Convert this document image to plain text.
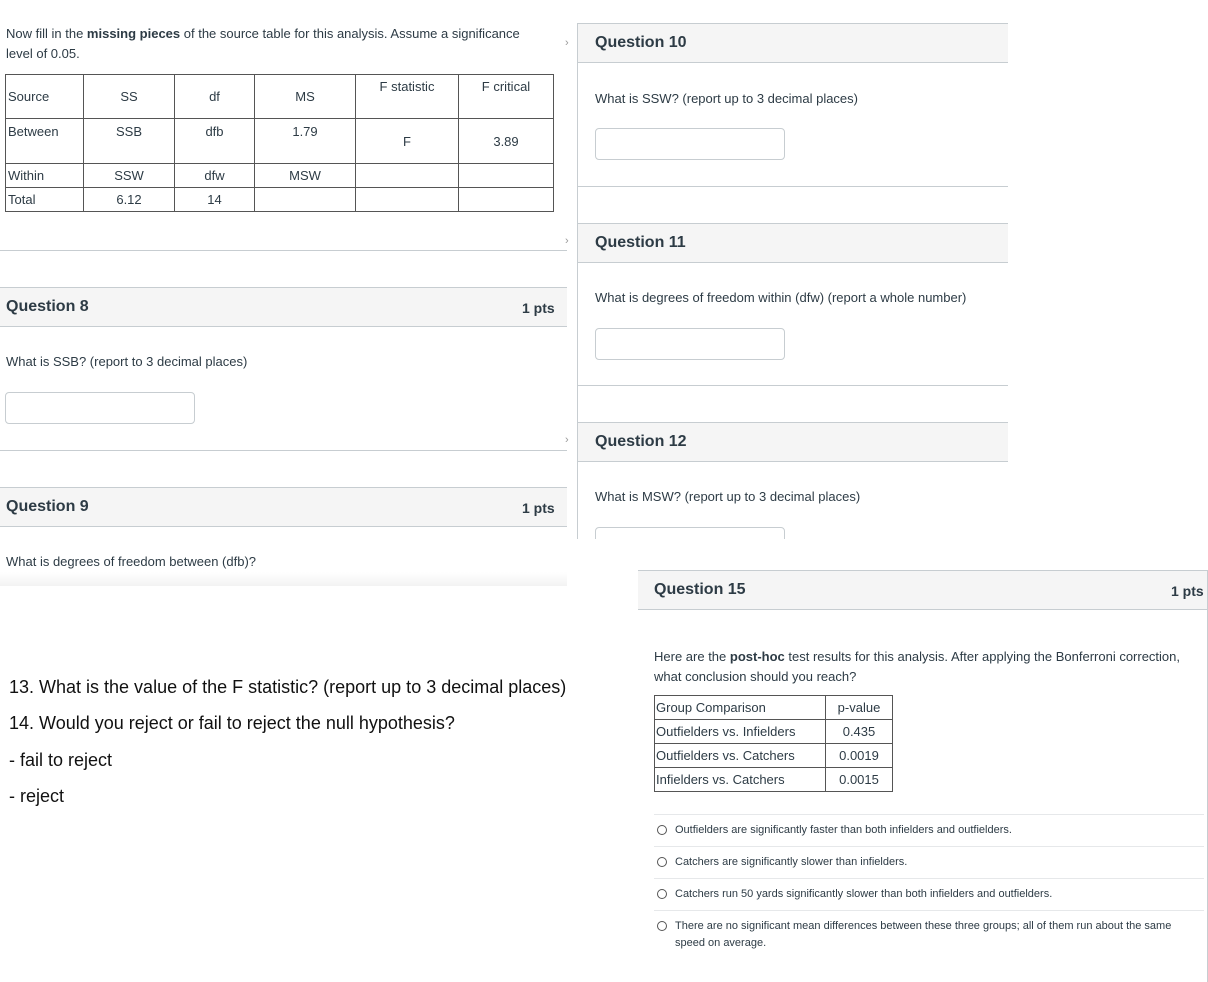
Now fill in the missing pieces of the source table for this analysis. Assume a significance
level of 0.05.
Source	SS	df	MS	F statistic	F critical

Between	SSB	dfb	1.79	F	3.89

Within	SSW	dfw	MSW		

Total	6.12	14			

›
Question 8	1 pts
What is SSB? (report to 3 decimal places)
›
Question 9	1 pts
What is degrees of freedom between (dfb)?
› Question 10
What is SSW? (report up to 3 decimal places)
Question 11
What is degrees of freedom within (dfw) (report a whole number)
Question 12
What is MSW? (report up to 3 decimal places)
13. What is the value of the F statistic? (report up to 3 decimal places)
14. Would you reject or fail to reject the null hypothesis?
- fail to reject
- reject
Question 15	1 pts
Here are the post-hoc test results for this analysis. After applying the Bonferroni correction,
what conclusion should you reach?
Group Comparison	p-value
Outfielders vs. Infielders	0.435
Outfielders vs. Catchers	0.0019
Infielders vs. Catchers	0.0015
Outfielders are significantly faster than both infielders and outfielders.
Catchers are significantly slower than infielders.
Catchers run 50 yards significantly slower than both infielders and outfielders.
There are no significant mean differences between these three groups; all of them run about the same speed on average.
